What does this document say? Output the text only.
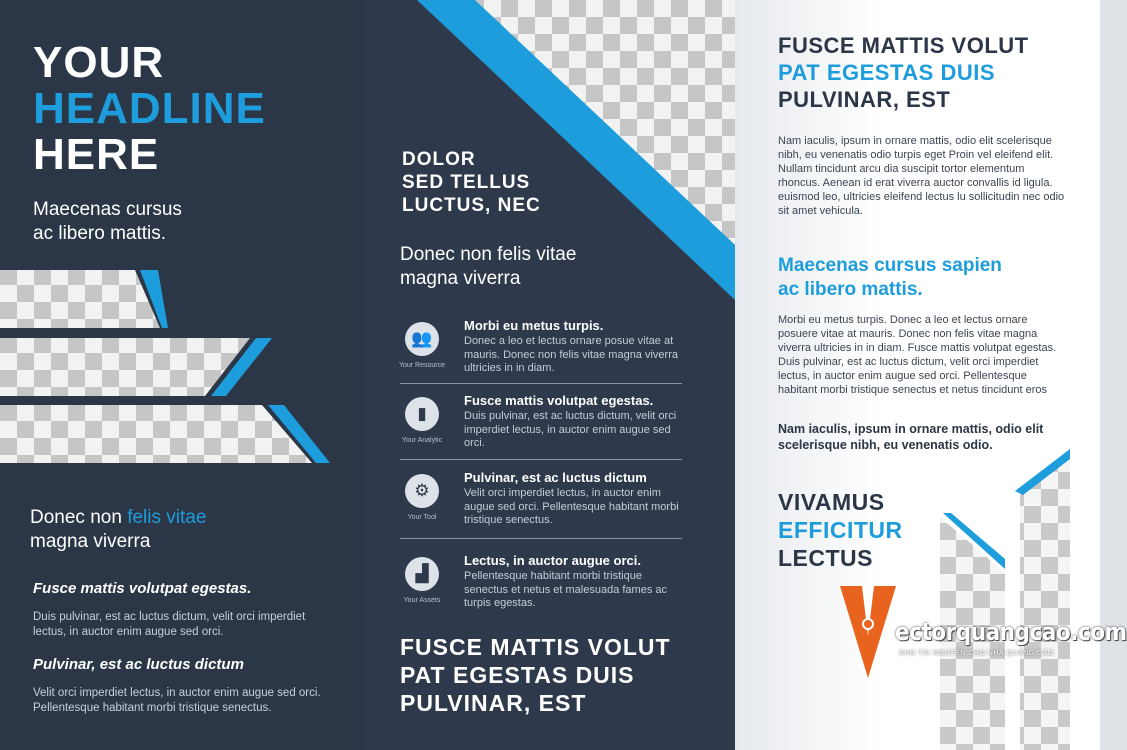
YOUR
HEADLINE
HERE
Maecenas cursus
ac libero mattis.
Donec non felis vitae
magna viverra
Fusce mattis volutpat egestas.
Duis pulvinar, est ac luctus dictum, velit orci imperdiet lectus, in auctor enim augue sed orci.
Pulvinar, est ac luctus dictum
Velit orci imperdiet lectus, in auctor enim augue sed orci. Pellentesque habitant morbi tristique senectus.
DOLOR
SED TELLUS
LUCTUS, NEC
Donec non felis vitae
magna viverra
👥
Your Resource
Morbi eu metus turpis.
Donec a leo et lectus ornare posue vitae at mauris. Donec non felis vitae magna viverra ultricies in in diam.
▮
Your Analytic
Fusce mattis volutpat egestas.
Duis pulvinar, est ac luctus dictum, velit orci imperdiet lectus, in auctor enim augue sed orci.
⚙
Your Tool
Pulvinar, est ac luctus dictum
Velit orci imperdiet lectus, in auctor enim augue sed orci. Pellentesque habitant morbi tristique senectus.
▟
Your Assets
Lectus, in auctor augue orci.
Pellentesque habitant morbi tristique senectus et netus et malesuada fames ac turpis egestas.
FUSCE MATTIS VOLUT
PAT EGESTAS DUIS
PULVINAR, EST
FUSCE MATTIS VOLUT
PAT EGESTAS DUIS
PULVINAR, EST
Nam iaculis, ipsum in ornare mattis, odio elit scelerisque nibh, eu venenatis odio turpis eget Proin vel eleifend elit. Nullam tincidunt arcu dia suscipit tortor elementum rhoncus. Aenean id erat viverra auctor convallis id ligula. euismod leo, ultricies eleifend lectus lu sollicitudin nec odio sit amet vehicula.
Maecenas cursus sapien
ac libero mattis.
Morbi eu metus turpis. Donec a leo et lectus ornare posuere vitae at mauris. Donec non felis vitae magna viverra ultricies in in diam. Fusce mattis volutpat egestas. Duis pulvinar, est ac luctus dictum, velit orci imperdiet lectus, in auctor enim augue sed orci. Pellentesque habitant morbi tristique senectus et netus tincidunt eros
Nam iaculis, ipsum in ornare mattis, odio elit scelerisque nibh, eu venenatis odio.
VIVAMUS
EFFICITUR
LECTUS
ectorquangcao.com
KHO TÀI NGUYÊN CHO NHÀ QUẢNG CÁO
